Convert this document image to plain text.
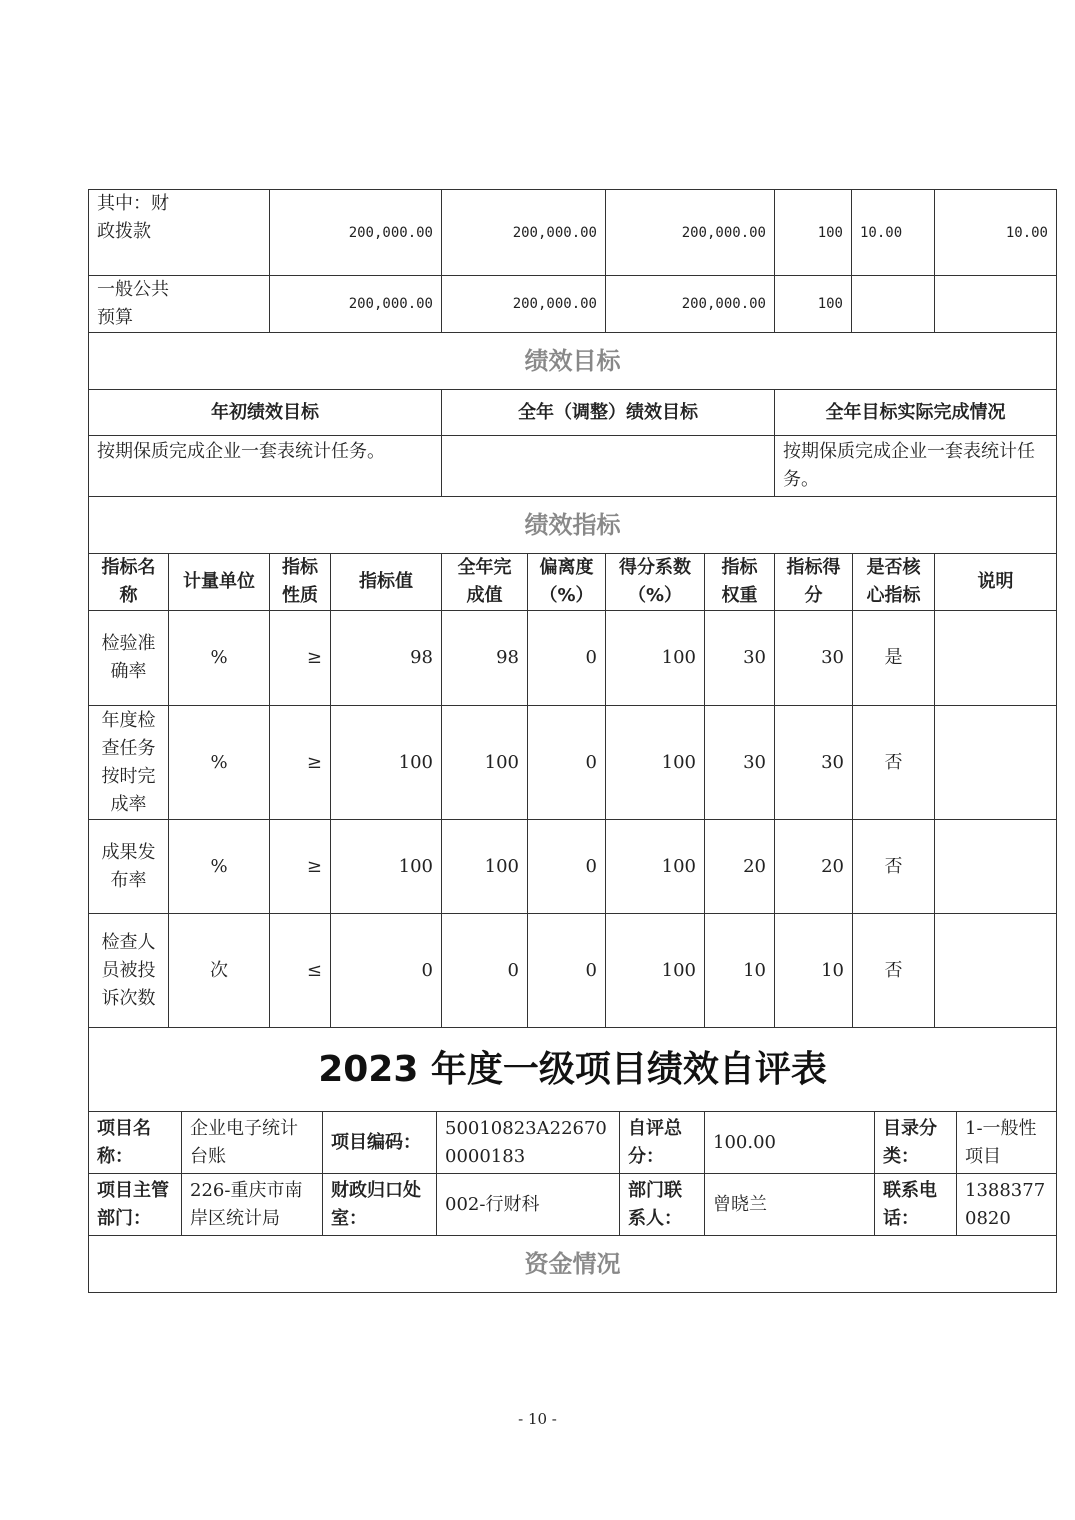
其中：财政拨款	200,000.00	200,000.00	200,000.00	100	10.00	10.00
一般公共预算	200,000.00	200,000.00	200,000.00	100		
绩效目标		
年初绩效目标	全年（调整）绩效目标	全年目标实际完成情况
按期保质完成企业一套表统计任务。		按期保质完成企业一套表统计任务。
绩效指标										
指标名称	计量单位	指标性质	指标值	全年完成值	偏离度（%）	得分系数（%）	指标权重	指标得分	是否核心指标	说明
检验准确率	%	≥	98	98	0	100	30	30	是	
年度检查任务按时完成率	%	≥	100	100	0	100	30	30	否	
成果发布率	%	≥	100	100	0	100	20	20	否	
检查人员被投诉次数	次	≤	0	0	0	100	10	10	否	
2023 年度一级项目绩效自评表							
项目名称：	企业电子统计台账	项目编码：	50010823A226700000183	自评总分：	100.00	目录分类：	1-一般性项目
项目主管部门：	226-重庆市南岸区统计局	财政归口处室：	002-行财科	部门联系人：	曾晓兰	联系电话：	13883770820
资金情况							
- 10 -
